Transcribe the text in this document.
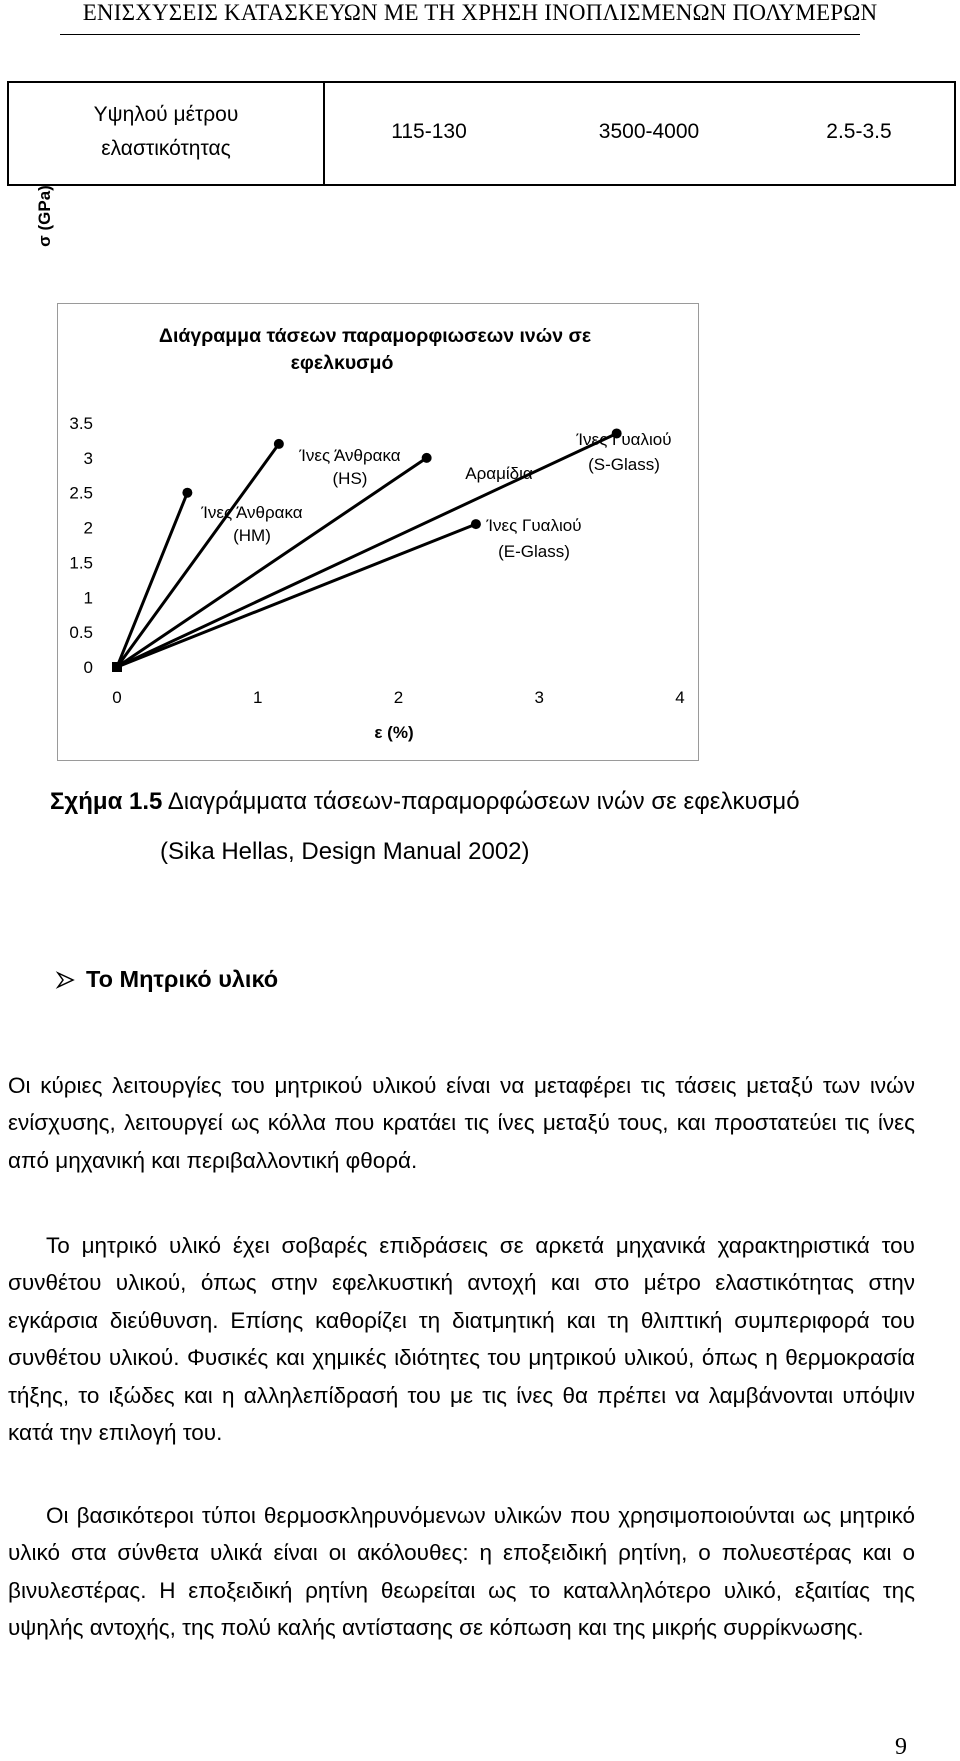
ΕΝΙΣΧΥΣΕΙΣ ΚΑΤΑΣΚΕΥΩΝ ΜΕ ΤΗ ΧΡΗΣΗ ΙΝΟΠΛΙΣΜΕΝΩΝ ΠΟΛΥΜΕΡΩΝ
Υψηλού μέτρου
ελαστικότητας
115-130	3500-4000	2.5-3.5
Διάγραμμα τάσεων παραμορφιωσεων ινών σε
εφελκυσμό
σ (GPa)
ε (%)
0
0.5
1
1.5
2
2.5
3
3.5
0	1	2	3	4
Ίνες Άνθρακα
(HM)
Ίνες Άνθρακα
(HS)	Αραμίδια
Ίνες Γυαλιού
(E-Glass)
Ίνες Γυαλιού
(S-Glass)
Σχήμα 1.5 Διαγράμματα τάσεων-παραμορφώσεων ινών σε εφελκυσμό
(Sika Hellas, Design Manual 2002)
Το Μητρικό υλικό
Οι κύριες λειτουργίες του μητρικού υλικού είναι να μεταφέρει τις τάσεις μεταξύ των ινών ενίσχυσης, λειτουργεί ως κόλλα που κρατάει τις ίνες μεταξύ τους, και προστατεύει τις ίνες από μηχανική και περιβαλλοντική φθορά.
Το μητρικό υλικό έχει σοβαρές επιδράσεις σε αρκετά μηχανικά χαρακτηριστικά του συνθέτου υλικού, όπως στην εφελκυστική αντοχή και στο μέτρο ελαστικότητας στην εγκάρσια διεύθυνση. Επίσης καθορίζει τη διατμητική και τη θλιπτική συμπεριφορά του συνθέτου υλικού. Φυσικές και χημικές ιδιότητες του μητρικού υλικού, όπως η θερμοκρασία τήξης, το ιξώδες και η αλληλεπίδρασή του με τις ίνες θα πρέπει να λαμβάνονται υπόψιν κατά την επιλογή του.
Οι βασικότεροι τύποι θερμοσκληρυνόμενων υλικών που χρησιμοποιούνται ως μητρικό υλικό στα σύνθετα υλικά είναι οι ακόλουθες: η εποξειδική ρητίνη, ο πολυεστέρας και ο βινυλεστέρας. Η εποξειδική ρητίνη θεωρείται ως το καταλληλότερο υλικό, εξαιτίας της υψηλής αντοχής, της πολύ καλής αντίστασης σε κόπωση και της μικρής συρρίκνωσης.
9
